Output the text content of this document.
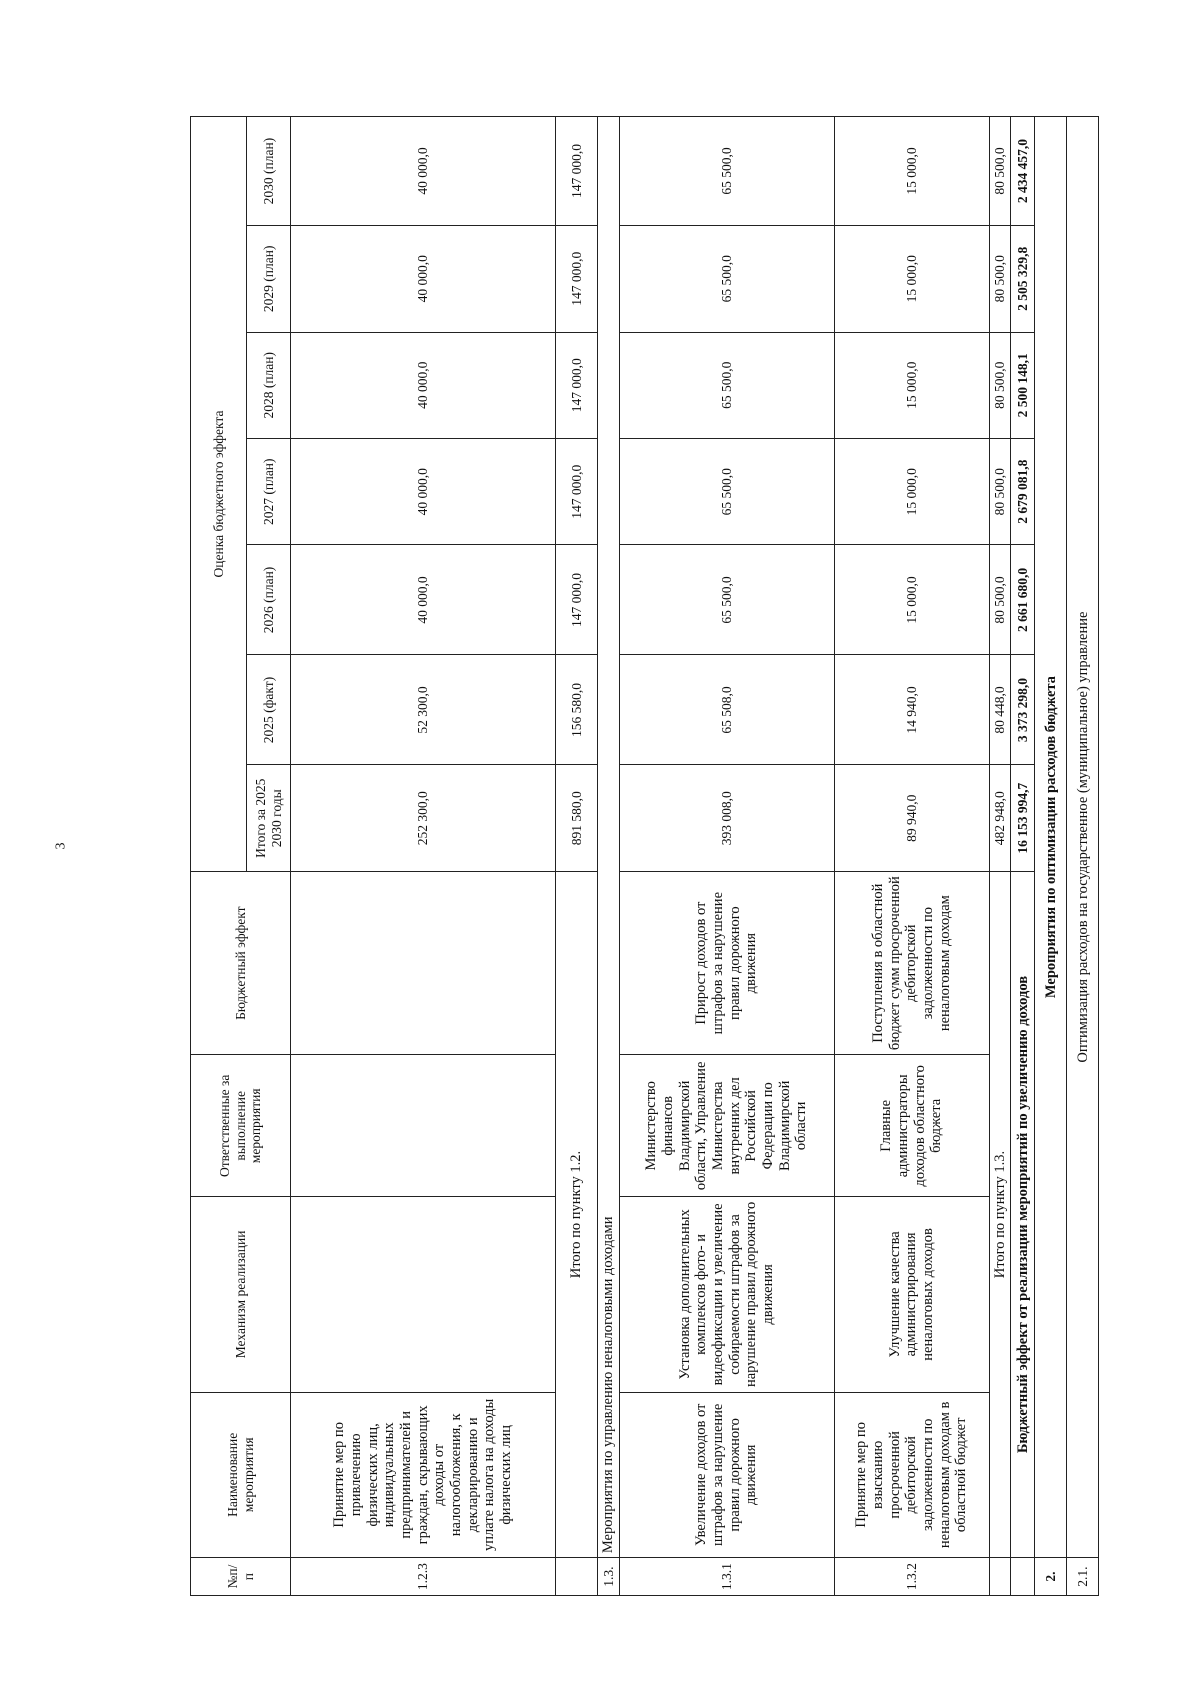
3
№п/п	Наименование мероприятия	Механизм реализации	Ответственные за выполнение мероприятия	Бюджетный эффект	Оценка бюджетного эффекта						
					Итого за 2025 2030 годы	2025 (факт)	2026 (план)	2027 (план)	2028 (план)	2029 (план)	2030 (план)
1.2.3	Принятие мер по привлечению физических лиц, индивидуальных предпринимателей и граждан, скрывающих доходы от налогообложения, к декларированию и уплате налога на доходы физических лиц				252 300,0	52 300,0	40 000,0	40 000,0	40 000,0	40 000,0	40 000,0
	Итого по пункту 1.2.				891 580,0	156 580,0	147 000,0	147 000,0	147 000,0	147 000,0	147 000,0
1.3.	Мероприятия по управлению неналоговыми доходами										
1.3.1	Увеличение доходов от штрафов за нарушение правил дорожного движения	Установка дополнительных комплексов фото- и видеофиксации и увеличение собираемости штрафов за нарушение правил дорожного движения	Министерство финансов Владимирской области, Управление Министерства внутренних дел Российской Федерации по Владимирской области	Прирост доходов от штрафов за нарушение правил дорожного движения	393 008,0	65 508,0	65 500,0	65 500,0	65 500,0	65 500,0	65 500,0
1.3.2	Принятие мер по взысканию просроченной дебиторской задолженности по неналоговым доходам в областной бюджет	Улучшение качества администрирования неналоговых доходов	Главные администраторы доходов областного бюджета	Поступления в областной бюджет сумм просроченной дебиторской задолженности по неналоговым доходам	89 940,0	14 940,0	15 000,0	15 000,0	15 000,0	15 000,0	15 000,0
	Итого по пункту 1.3.				482 948,0	80 448,0	80 500,0	80 500,0	80 500,0	80 500,0	80 500,0
	Бюджетный эффект от реализации мероприятий по увеличению доходов				16 153 994,7	3 373 298,0	2 661 680,0	2 679 081,8	2 500 148,1	2 505 329,8	2 434 457,0
2.	Мероприятия по оптимизации расходов бюджета										
2.1.	Оптимизация расходов на государственное (муниципальное) управление										
